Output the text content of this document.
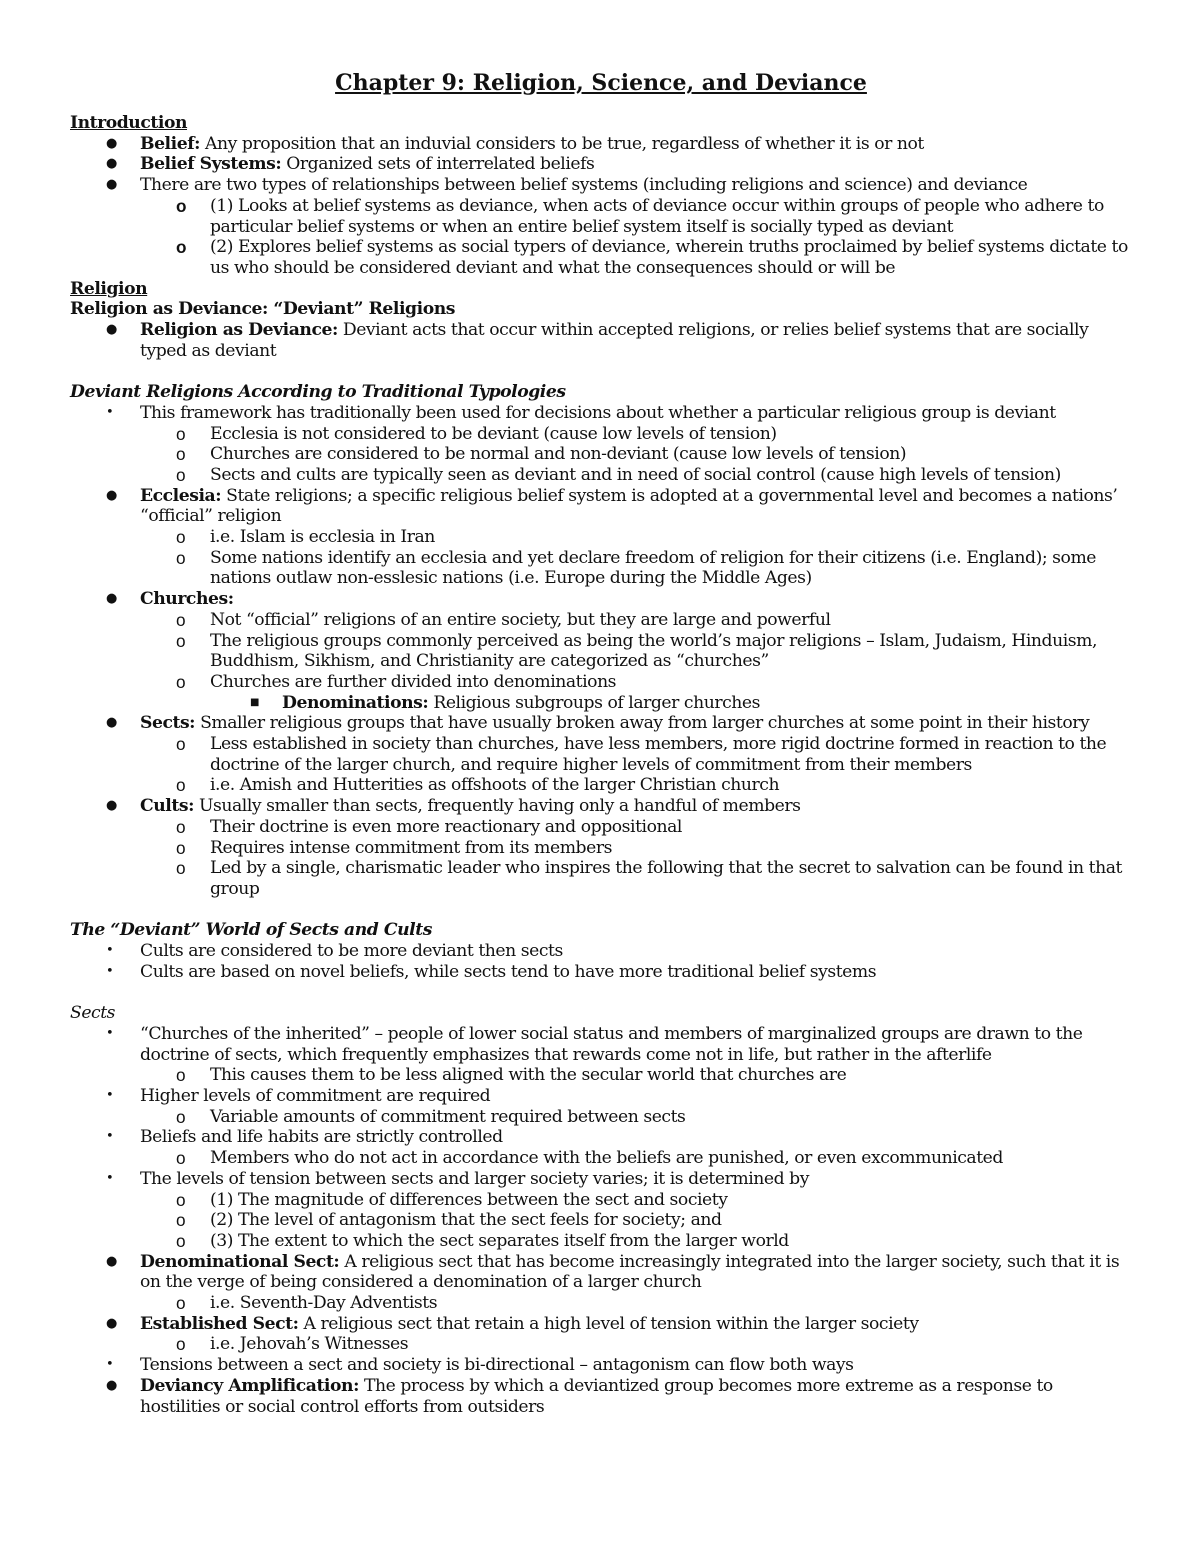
Chapter 9: Religion, Science, and Deviance
Introduction
● Belief: Any proposition that an induvial considers to be true, regardless of whether it is or not
● Belief Systems: Organized sets of interrelated beliefs
● There are two types of relationships between belief systems (including religions and science) and deviance
o (1) Looks at belief systems as deviance, when acts of deviance occur within groups of people who adhere to particular belief systems or when an entire belief system itself is socially typed as deviant
o (2) Explores belief systems as social typers of deviance, wherein truths proclaimed by belief systems dictate to us who should be considered deviant and what the consequences should or will be
Religion
Religion as Deviance: “Deviant” Religions
● Religion as Deviance: Deviant acts that occur within accepted religions, or relies belief systems that are socially typed as deviant
Deviant Religions According to Traditional Typologies
• This framework has traditionally been used for decisions about whether a particular religious group is deviant
o Ecclesia is not considered to be deviant (cause low levels of tension)
o Churches are considered to be normal and non-deviant (cause low levels of tension)
o Sects and cults are typically seen as deviant and in need of social control (cause high levels of tension)
● Ecclesia: State religions; a specific religious belief system is adopted at a governmental level and becomes a nations’ “official” religion
o i.e. Islam is ecclesia in Iran
o Some nations identify an ecclesia and yet declare freedom of religion for their citizens (i.e. England); some nations outlaw non-esslesic nations (i.e. Europe during the Middle Ages)
● Churches:
o Not “official” religions of an entire society, but they are large and powerful
o The religious groups commonly perceived as being the world’s major religions – Islam, Judaism, Hinduism, Buddhism, Sikhism, and Christianity are categorized as “churches”
o Churches are further divided into denominations
■ Denominations: Religious subgroups of larger churches
● Sects: Smaller religious groups that have usually broken away from larger churches at some point in their history
o Less established in society than churches, have less members, more rigid doctrine formed in reaction to the doctrine of the larger church, and require higher levels of commitment from their members
o i.e. Amish and Hutterities as offshoots of the larger Christian church
● Cults: Usually smaller than sects, frequently having only a handful of members
o Their doctrine is even more reactionary and oppositional
o Requires intense commitment from its members
o Led by a single, charismatic leader who inspires the following that the secret to salvation can be found in that group
The “Deviant” World of Sects and Cults
• Cults are considered to be more deviant then sects
• Cults are based on novel beliefs, while sects tend to have more traditional belief systems
Sects
• “Churches of the inherited” – people of lower social status and members of marginalized groups are drawn to the doctrine of sects, which frequently emphasizes that rewards come not in life, but rather in the afterlife
o This causes them to be less aligned with the secular world that churches are
• Higher levels of commitment are required
o Variable amounts of commitment required between sects
• Beliefs and life habits are strictly controlled
o Members who do not act in accordance with the beliefs are punished, or even excommunicated
• The levels of tension between sects and larger society varies; it is determined by
o (1) The magnitude of differences between the sect and society
o (2) The level of antagonism that the sect feels for society; and
o (3) The extent to which the sect separates itself from the larger world
● Denominational Sect: A religious sect that has become increasingly integrated into the larger society, such that it is on the verge of being considered a denomination of a larger church
o i.e. Seventh-Day Adventists
● Established Sect: A religious sect that retain a high level of tension within the larger society
o i.e. Jehovah’s Witnesses
• Tensions between a sect and society is bi-directional – antagonism can flow both ways
● Deviancy Amplification: The process by which a deviantized group becomes more extreme as a response to hostilities or social control efforts from outsiders
